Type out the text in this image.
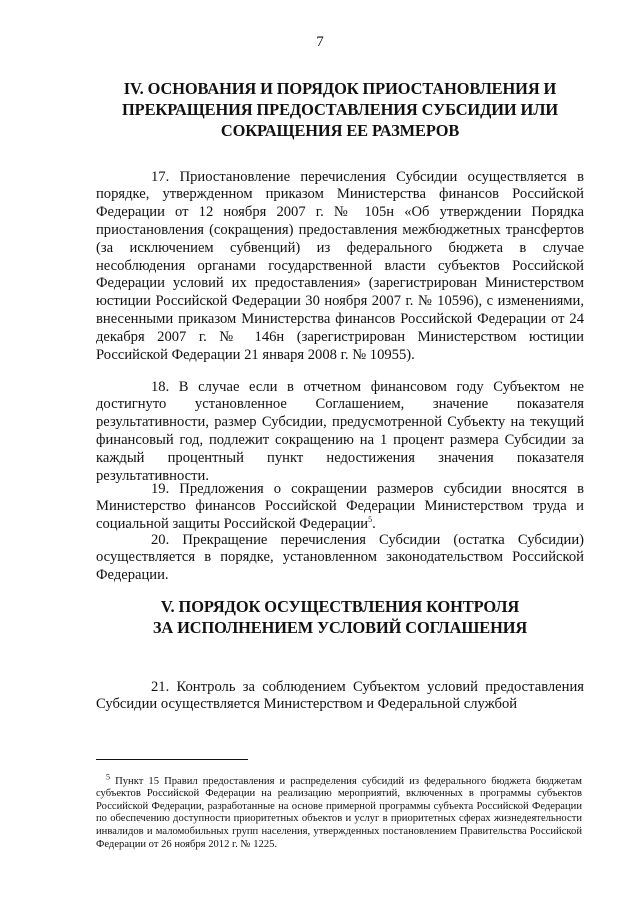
7
IV. ОСНОВАНИЯ И ПОРЯДОК ПРИОСТАНОВЛЕНИЯ И
ПРЕКРАЩЕНИЯ ПРЕДОСТАВЛЕНИЯ СУБСИДИИ ИЛИ
СОКРАЩЕНИЯ ЕЕ РАЗМЕРОВ

17. Приостановление перечисления Субсидии осуществляется в порядке, утвержденном приказом Министерства финансов Российской Федерации от 12 ноября 2007 г. № 105н «Об утверждении Порядка приостановления (сокращения) предоставления межбюджетных трансфертов (за исключением субвенций) из федерального бюджета в случае несоблюдения органами государственной власти субъектов Российской Федерации условий их предоставления» (зарегистрирован Министерством юстиции Российской Федерации 30 ноября 2007 г. № 10596), с изменениями, внесенными приказом Министерства финансов Российской Федерации от 24 декабря 2007 г. № 146н (зарегистрирован Министерством юстиции Российской Федерации 21 января 2008 г. № 10955).

18. В случае если в отчетном финансовом году Субъектом не достигнуто установленное Соглашением, значение показателя результативности, размер Субсидии, предусмотренной Субъекту на текущий финансовый год, подлежит сокращению на 1 процент размера Субсидии за каждый процентный пункт недостижения значения показателя результативности.

19. Предложения о сокращении размеров субсидии вносятся в Министерство финансов Российской Федерации Министерством труда и социальной защиты Российской Федерации$^5$.

20. Прекращение перечисления Субсидии (остатка Субсидии) осуществляется в порядке, установленном законодательством Российской Федерации.

V. ПОРЯДОК ОСУЩЕСТВЛЕНИЯ КОНТРОЛЯ
ЗА ИСПОЛНЕНИЕМ УСЛОВИЙ СОГЛАШЕНИЯ

21. Контроль за соблюдением Субъектом условий предоставления Субсидии осуществляется Министерством и Федеральной службой

$^5$ Пункт 15 Правил предоставления и распределения субсидий из федерального бюджета бюджетам субъектов Российской Федерации на реализацию мероприятий, включенных в программы субъектов Российской Федерации, разработанные на основе примерной программы субъекта Российской Федерации по обеспечению доступности приоритетных объектов и услуг в приоритетных сферах жизнедеятельности инвалидов и маломобильных групп населения, утвержденных постановлением Правительства Российской Федерации от 26 ноября 2012 г. № 1225.
